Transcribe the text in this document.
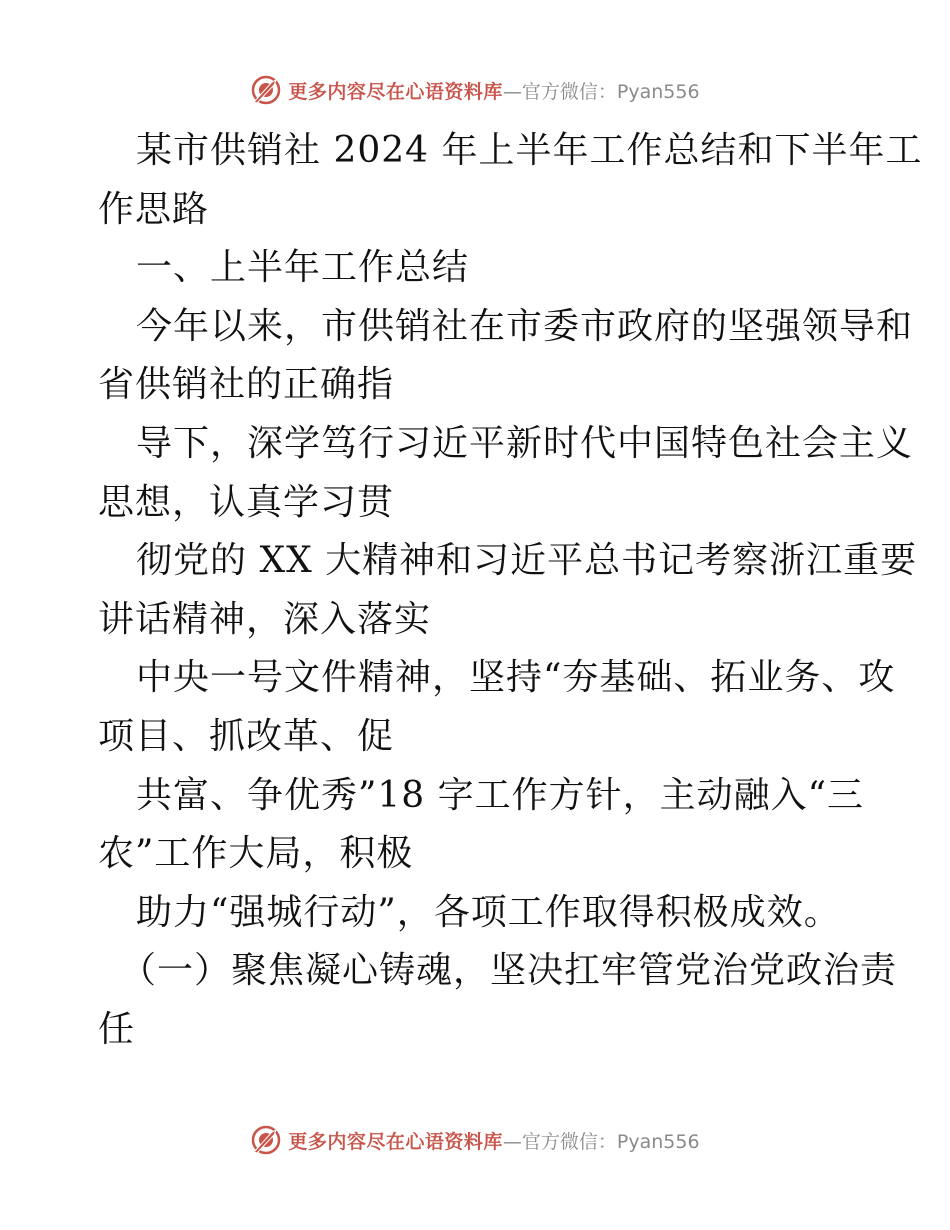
更多内容尽在心语资料库 —官方微信：Pyan556
某市供销社 2024 年上半年工作总结和下半年工
作思路
一、上半年工作总结
今年以来，市供销社在市委市政府的坚强领导和
省供销社的正确指
导下，深学笃行习近平新时代中国特色社会主义
思想，认真学习贯
彻党的 XX 大精神和习近平总书记考察浙江重要
讲话精神，深入落实
中央一号文件精神，坚持“夯基础、拓业务、攻
项目、抓改革、促
共富、争优秀”18 字工作方针，主动融入“三
农”工作大局，积极
助力“强城行动”，各项工作取得积极成效。
（一）聚焦凝心铸魂，坚决扛牢管党治党政治责
任
更多内容尽在心语资料库 —官方微信：Pyan556
